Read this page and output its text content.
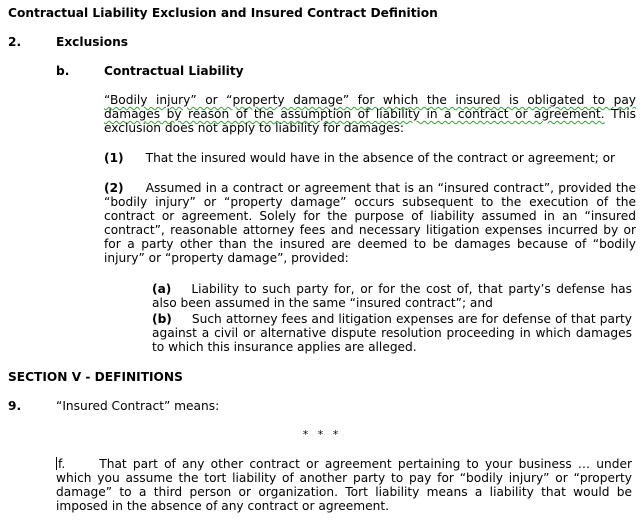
Contractual Liability Exclusion and Insured Contract Definition
2.	Exclusions
b.	Contractual Liability
“Bodily injury” or “property damage” for which the insured is obligated to pay damages by reason of the assumption of liability in a contract or agreement. This exclusion does not apply to liability for damages:
(1) That the insured would have in the absence of the contract or agreement; or
(2) Assumed in a contract or agreement that is an “insured contract”, provided the “bodily injury” or “property damage” occurs subsequent to the execution of the contract or agreement. Solely for the purpose of liability assumed in an “insured contract”, reasonable attorney fees and necessary litigation expenses incurred by or for a party other than the insured are deemed to be damages because of “bodily injury” or “property damage”, provided:
(a) Liability to such party for, or for the cost of, that party’s defense has also been assumed in the same “insured contract”; and
(b) Such attorney fees and litigation expenses are for defense of that party against a civil or alternative dispute resolution proceeding in which damages to which this insurance applies are alleged.
SECTION V - DEFINITIONS
9.	“Insured Contract” means:
* * *
f.	That part of any other contract or agreement pertaining to your business … under which you assume the tort liability of another party to pay for “bodily injury” or “property damage” to a third person or organization. Tort liability means a liability that would be imposed in the absence of any contract or agreement.
